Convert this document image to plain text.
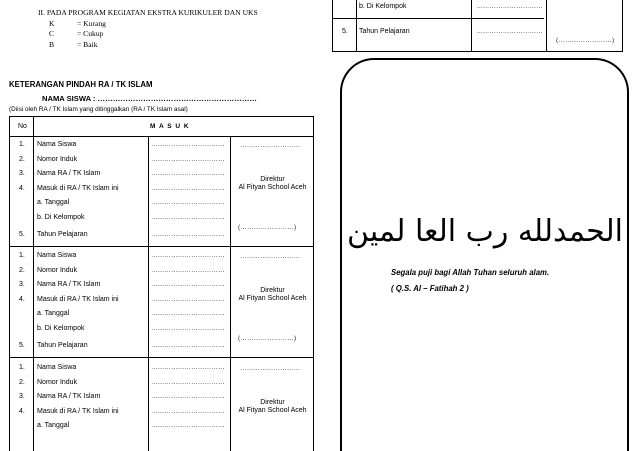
II. PADA PROGRAM KEGIATAN EKSTRA KURIKULER DAN UKS
K	= Kurang
C	= Cukup
B	= Baik
KETERANGAN PINDAH RA / TK ISLAM
NAMA SISWA : ………………………………………………………
(Diisi oleh RA / TK Islam yang ditinggalkan (RA / TK Islam asal)
No	M A S U K
1. Nama Siswa	……………………………
2. Nomor Induk	……………………………
3. Nama RA / TK Islam	……………………………
4. Masuk di RA / TK Islam ini	……………………………
a. Tanggal	……………………………
b. Di Kelompok	……………………………
5. Tahun Pelajaran	……………………………
………………………
Direktur
Al Fityan School Aceh
(……………………)
1. Nama Siswa	……………………………
2. Nomor Induk	……………………………
3. Nama RA / TK Islam	……………………………
4. Masuk di RA / TK Islam ini	……………………………
a. Tanggal	……………………………
b. Di Kelompok	……………………………
5. Tahun Pelajaran	……………………………
………………………
Direktur
Al Fityan School Aceh
(……………………)
1. Nama Siswa	……………………………
2. Nomor Induk	……………………………
3. Nama RA / TK Islam	……………………………
4. Masuk di RA / TK Islam ini	……………………………
a. Tanggal	……………………………
………………………
Direktur
Al Fityan School Aceh
b. Di Kelompok	…………………………
5. Tahun Pelajaran	…………………………
(……………………)
الحمدلله رب العا لمين
Segala puji bagi Allah Tuhan seluruh alam.
( Q.S. Al – Fatihah 2 )
